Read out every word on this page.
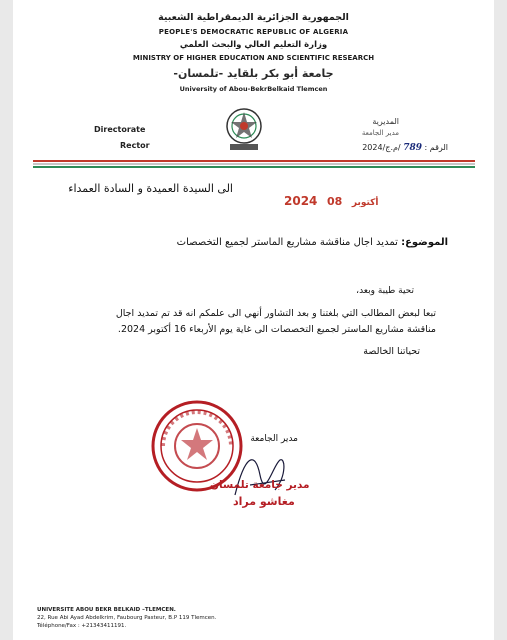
الجمهورية الجزائرية الديمقراطية الشعبية
PEOPLE'S DEMOCRATIC REPUBLIC OF ALGERIA
وزارة التعليم العالي والبحث العلمي
MINISTRY OF HIGHER EDUCATION AND SCIENTIFIC RESEARCH
جامعة أبو بكر بلقايد -تلمسان-
University of Abou-BekrBelkaid Tlemcen
Directorate
Rector
المديرية
مدير الجامعة
الرقم : 789 /م.ج/2024
الى السيدة العميدة و السادة العمداء
2024	أكتوبر 08
الموضوع: تمديد اجال مناقشة مشاريع الماستر لجميع التخصصات
تحية طيبة وبعد،
تبعا لبعض المطالب التي بلغتنا و بعد التشاور أنهي الى علمكم انه قد تم تمديد اجال
مناقشة مشاريع الماستر لجميع التخصصات الى غاية يوم الأربعاء 16 أكتوبر 2024.
تحياتنا الخالصة
مدير الجامعة
مدير جامعة تلمسان
مغاشو مراد
UNIVERSITE ABOU BEKR BELKAID –TLEMCEN.
22, Rue Abi Ayad Abdelkrim, Faubourg Pasteur, B.P 119 Tlemcen.
Téléphone/Fax : +21343411191.
